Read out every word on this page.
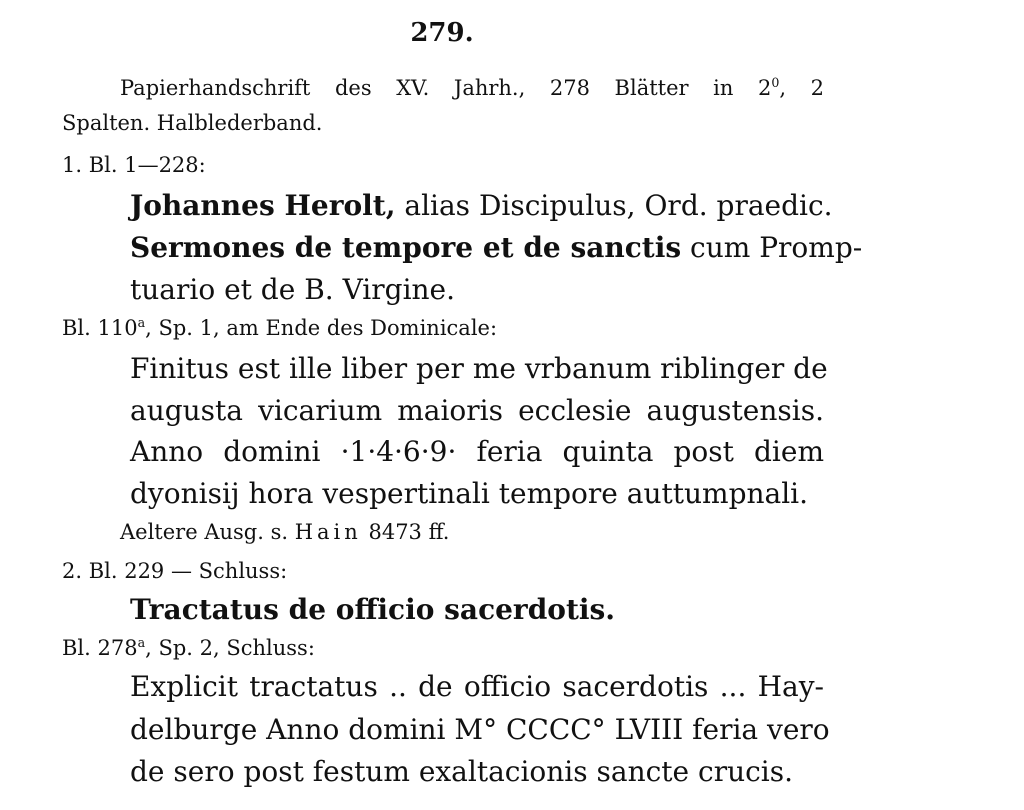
279.
Papierhandschrift des XV. Jahrh., 278 Blätter in $2^0$, 2
Spalten. Halblederband.
1. Bl. 1—228:
Johannes Herolt, alias Discipulus, Ord. praedic.
Sermones de tempore et de sanctis cum Promp-
tuario et de B. Virgine.
Bl. 110$^a$, Sp. 1, am Ende des Dominicale:
Finitus est ille liber per me vrbanum riblinger de
augusta vicarium maioris ecclesie augustensis.
Anno domini ·1·4·6·9· feria quinta post diem
dyonisij hora vespertinali tempore auttumpnali.
Aeltere Ausg. s. Hain 8473 ff.
2. Bl. 229 — Schluss:
Tractatus de officio sacerdotis.
Bl. 278$^a$, Sp. 2, Schluss:
Explicit tractatus .. de officio sacerdotis ... Hay-
delburge Anno domini M° CCCC° LVIII feria vero
de sero post festum exaltacionis sancte crucis.
